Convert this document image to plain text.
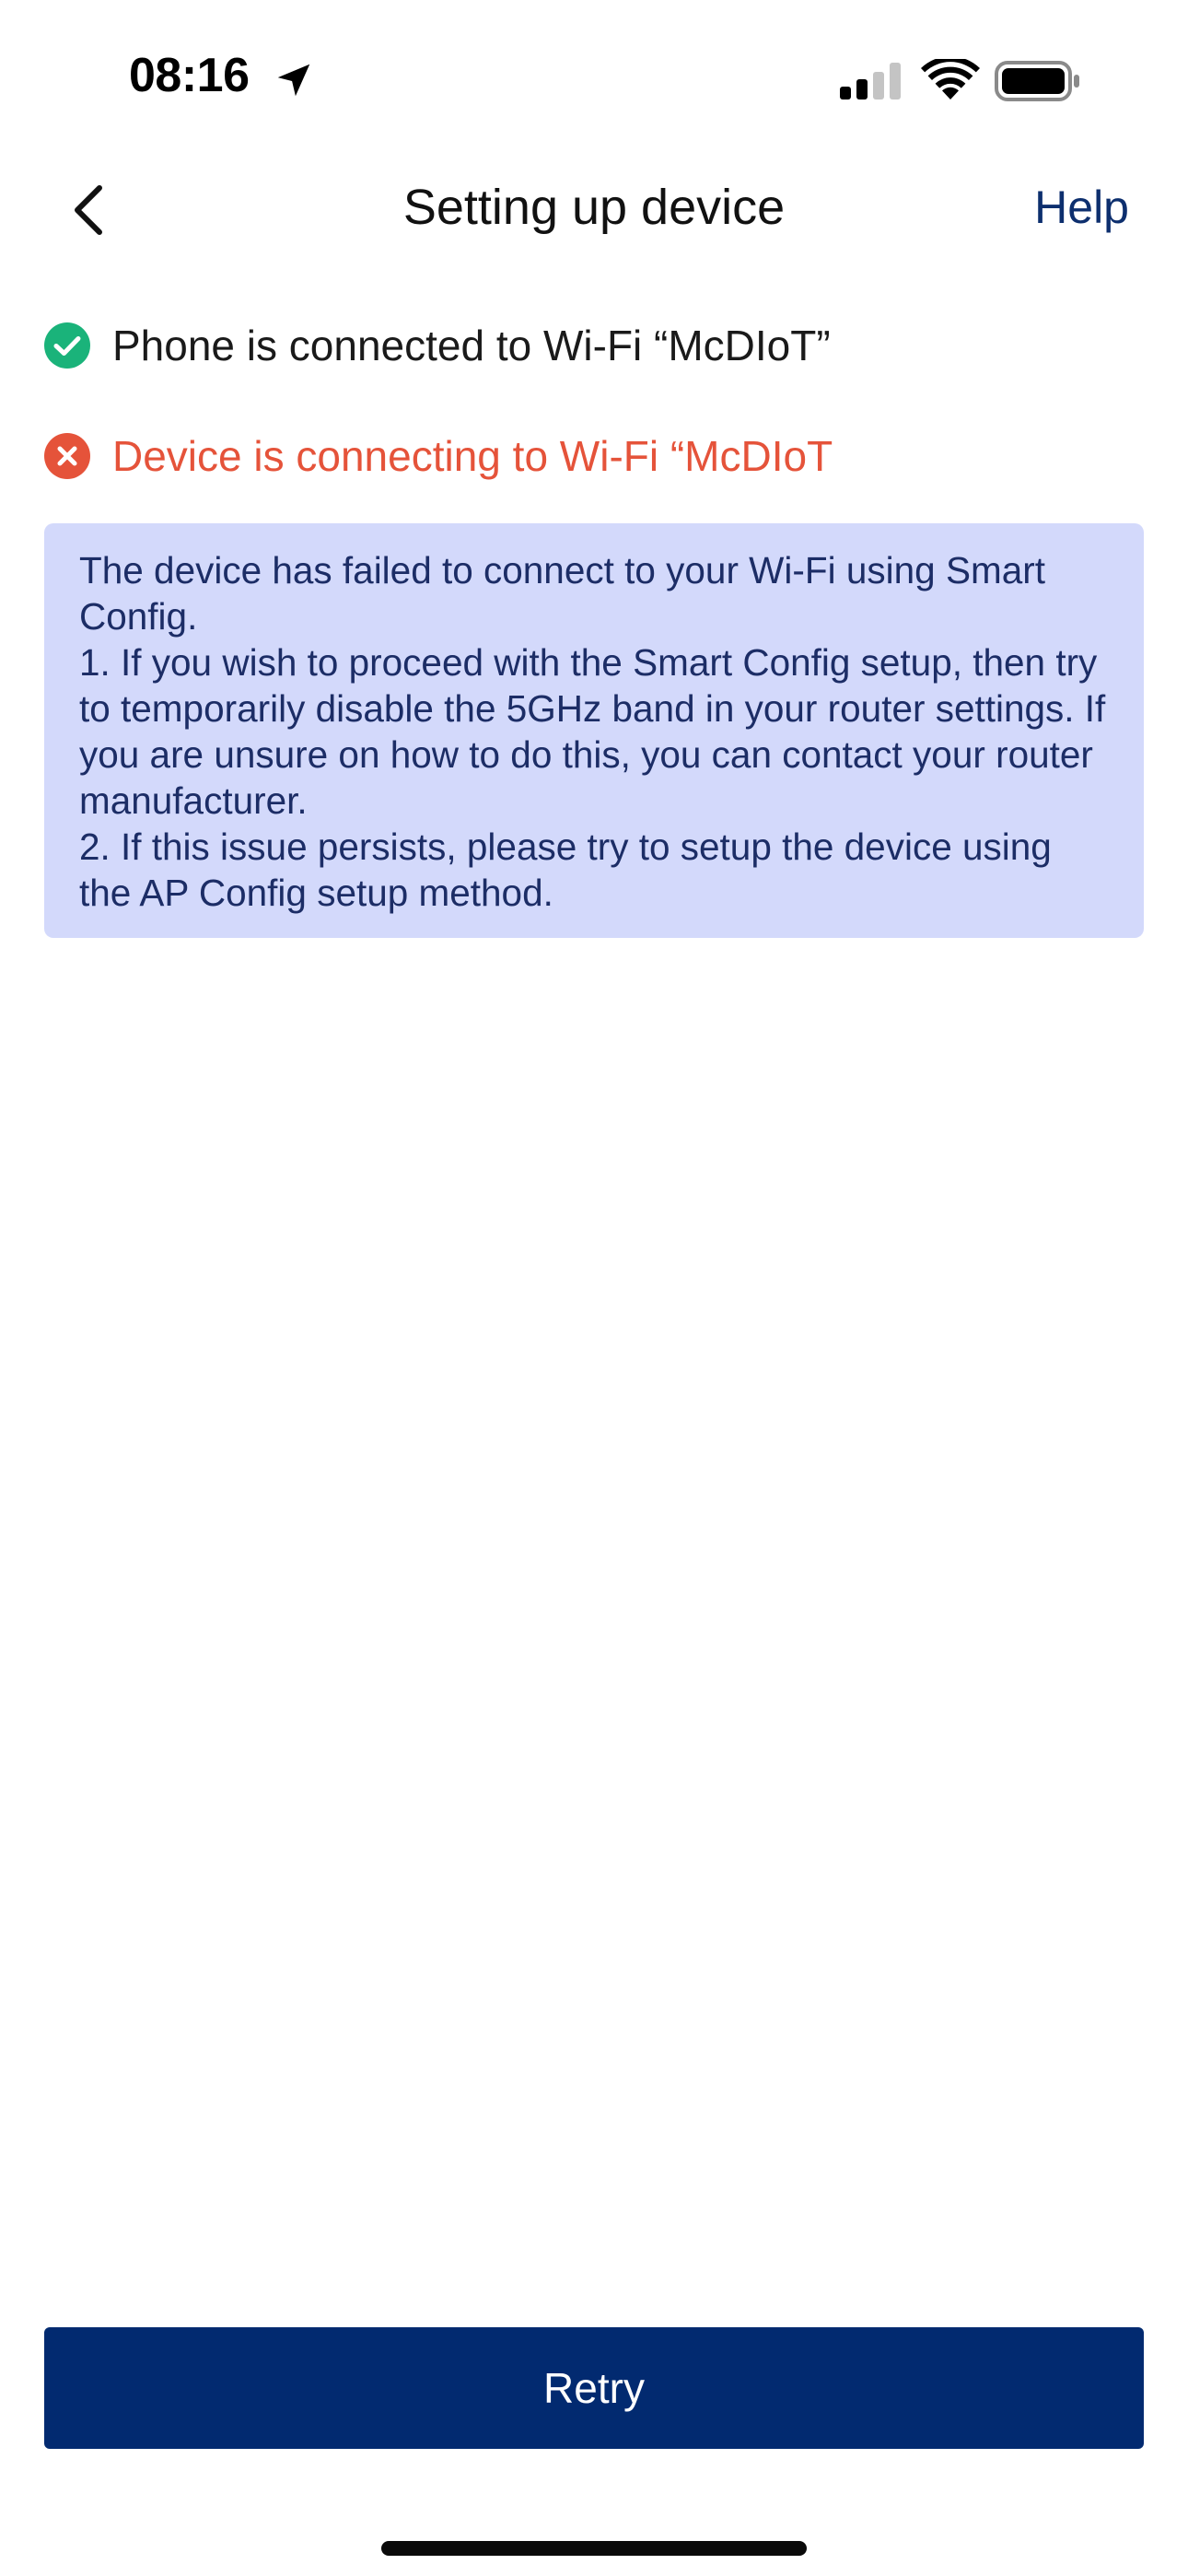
08:16
Setting up device	Help
Phone is connected to Wi-Fi “McDIoT”
Device is connecting to Wi-Fi “McDIoT

The device has failed to connect to your Wi-Fi using Smart Config.

1. If you wish to proceed with the Smart Config setup, then try to temporarily disable the 5GHz band in your router settings. If you are unsure on how to do this, you can contact your router manufacturer.

2. If this issue persists, please try to setup the device using the AP Config setup method.

Retry
